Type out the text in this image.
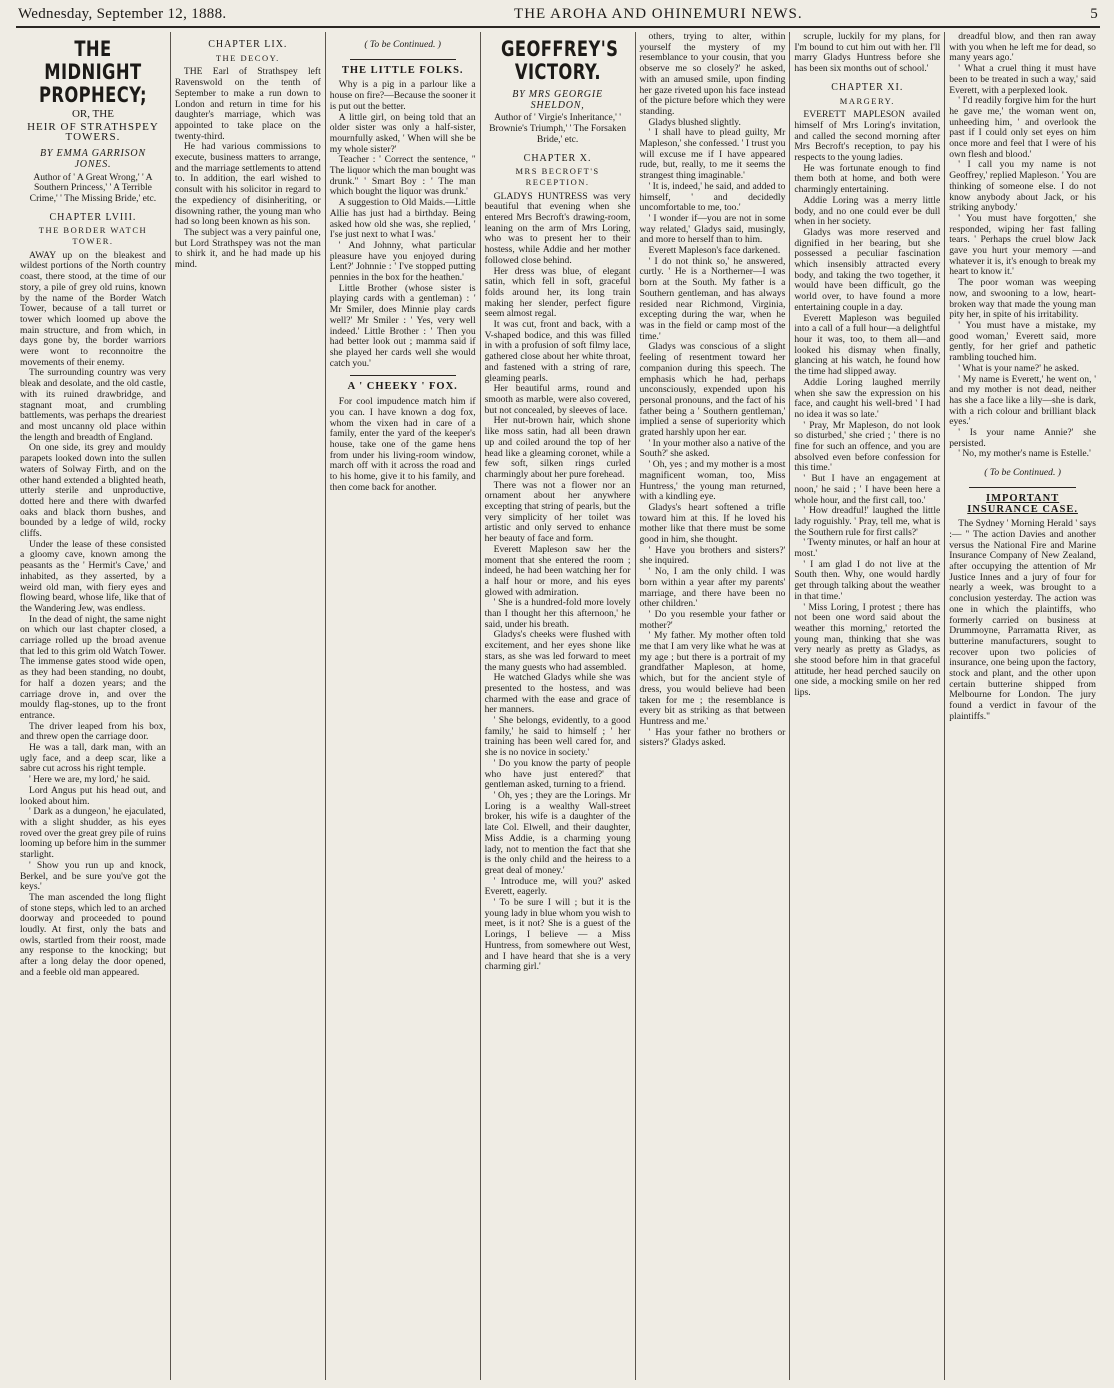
Wednesday, September 12, 1888.	THE AROHA AND OHINEMURI NEWS.	5
THE MIDNIGHT PROPHECY;
OR, THE
HEIR OF STRATHSPEY TOWERS.
BY EMMA GARRISON JONES.
Author of ' A Great Wrong,' ' A Southern Princess,' ' A Terrible Crime,' ' The Missing Bride,' etc.
CHAPTER LVIII.
THE BORDER WATCH TOWER.

AWAY up on the bleakest and wildest portions of the North country coast, there stood, at the time of our story, a pile of grey old ruins, known by the name of the Border Watch Tower, because of a tall turret or tower which loomed up above the main structure, and from which, in days gone by, the border warriors were wont to reconnoitre the movements of their enemy.

The surrounding country was very bleak and desolate, and the old castle, with its ruined drawbridge, and stagnant moat, and crumbling battlements, was perhaps the dreariest and most uncanny old place within the length and breadth of England.

On one side, its grey and mouldy parapets looked down into the sullen waters of Solway Firth, and on the other hand extended a blighted heath, utterly sterile and unproductive, dotted here and there with dwarfed oaks and black thorn bushes, and bounded by a ledge of wild, rocky cliffs.

Under the lease of these consisted a gloomy cave, known among the peasants as the ' Hermit's Cave,' and inhabited, as they asserted, by a weird old man, with fiery eyes and flowing beard, whose life, like that of the Wandering Jew, was endless.

In the dead of night, the same night on which our last chapter closed, a carriage rolled up the broad avenue that led to this grim old Watch Tower. The immense gates stood wide open, as they had been standing, no doubt, for half a dozen years; and the carriage drove in, and over the mouldy flag-stones, up to the front entrance.

The driver leaped from his box, and threw open the carriage door.

He was a tall, dark man, with an ugly face, and a deep scar, like a sabre cut across his right temple.

' Here we are, my lord,' he said.

Lord Angus put his head out, and looked about him.

' Dark as a dungeon,' he ejaculated, with a slight shudder, as his eyes roved over the great grey pile of ruins looming up before him in the summer starlight.

' Show you run up and knock, Berkel, and be sure you've got the keys.'

The man ascended the long flight of stone steps, which led to an arched doorway and proceeded to pound loudly. At first, only the bats and owls, startled from their roost, made any response to the knocking; but after a long delay the door opened, and a feeble old man appeared.

CHAPTER LIX.
THE DECOY.

THE Earl of Strathspey left Ravenswold on the tenth of September to make a run down to London and return in time for his daughter's marriage, which was appointed to take place on the twenty-third.

He had various commissions to execute, business matters to arrange, and the marriage settlements to attend to. In addition, the earl wished to consult with his solicitor in regard to the expediency of disinheriting, or disowning rather, the young man who had so long been known as his son.

The subject was a very painful one, but Lord Strathspey was not the man to shirk it, and he had made up his mind.

( To be Continued. )
THE LITTLE FOLKS.

Why is a pig in a parlour like a house on fire?—Because the sooner it is put out the better.

A little girl, on being told that an older sister was only a half-sister, mournfully asked, ' When will she be my whole sister?'

Teacher : ' Correct the sentence, " The liquor which the man bought was drunk." ' Smart Boy : ' The man which bought the liquor was drunk.'

A suggestion to Old Maids.—Little Allie has just had a birthday. Being asked how old she was, she replied, ' I'se just next to what I was.'

' And Johnny, what particular pleasure have you enjoyed during Lent?' Johnnie : ' I've stopped putting pennies in the box for the heathen.'

Little Brother (whose sister is playing cards with a gentleman) : ' Mr Smiler, does Minnie play cards well?' Mr Smiler : ' Yes, very well indeed.' Little Brother : ' Then you had better look out ; mamma said if she played her cards well she would catch you.'

A ' CHEEKY ' FOX.

For cool impudence match him if you can. I have known a dog fox, whom the vixen had in care of a family, enter the yard of the keeper's house, take one of the game hens from under his living-room window, march off with it across the road and to his home, give it to his family, and then come back for another.

GEOFFREY'S VICTORY.
BY MRS GEORGIE SHELDON,
Author of ' Virgie's Inheritance,' ' Brownie's Triumph,' ' The Forsaken Bride,' etc.
CHAPTER X.
MRS BECROFT'S RECEPTION.

GLADYS HUNTRESS was very beautiful that evening when she entered Mrs Becroft's drawing-room, leaning on the arm of Mrs Loring, who was to present her to their hostess, while Addie and her mother followed close behind.

Her dress was blue, of elegant satin, which fell in soft, graceful folds around her, its long train making her slender, perfect figure seem almost regal.

It was cut, front and back, with a V-shaped bodice, and this was filled in with a profusion of soft filmy lace, gathered close about her white throat, and fastened with a string of rare, gleaming pearls.

Her beautiful arms, round and smooth as marble, were also covered, but not concealed, by sleeves of lace.

Her nut-brown hair, which shone like moss satin, had all been drawn up and coiled around the top of her head like a gleaming coronet, while a few soft, silken rings curled charmingly about her pure forehead.

There was not a flower nor an ornament about her anywhere excepting that string of pearls, but the very simplicity of her toilet was artistic and only served to enhance her beauty of face and form.

Everett Mapleson saw her the moment that she entered the room ; indeed, he had been watching her for a half hour or more, and his eyes glowed with admiration.

' She is a hundred-fold more lovely than I thought her this afternoon,' he said, under his breath.

Gladys's cheeks were flushed with excitement, and her eyes shone like stars, as she was led forward to meet the many guests who had assembled.

He watched Gladys while she was presented to the hostess, and was charmed with the ease and grace of her manners.

' She belongs, evidently, to a good family,' he said to himself ; ' her training has been well cared for, and she is no novice in society.'

' Do you know the party of people who have just entered?' that gentleman asked, turning to a friend.

' Oh, yes ; they are the Lorings. Mr Loring is a wealthy Wall-street broker, his wife is a daughter of the late Col. Elwell, and their daughter, Miss Addie, is a charming young lady, not to mention the fact that she is the only child and the heiress to a great deal of money.'

' Introduce me, will you?' asked Everett, eagerly.

' To be sure I will ; but it is the young lady in blue whom you wish to meet, is it not? She is a guest of the Lorings, I believe — a Miss Huntress, from somewhere out West, and I have heard that she is a very charming girl.'

others, trying to alter, within yourself the mystery of my resemblance to your cousin, that you observe me so closely?' he asked, with an amused smile, upon finding her gaze riveted upon his face instead of the picture before which they were standing.

Gladys blushed slightly.

' I shall have to plead guilty, Mr Mapleson,' she confessed. ' I trust you will excuse me if I have appeared rude, but, really, to me it seems the strangest thing imaginable.'

' It is, indeed,' he said, and added to himself, ' and decidedly uncomfortable to me, too.'

' I wonder if—you are not in some way related,' Gladys said, musingly, and more to herself than to him.

Everett Mapleson's face darkened.

' I do not think so,' he answered, curtly. ' He is a Northerner—I was born at the South. My father is a Southern gentleman, and has always resided near Richmond, Virginia, excepting during the war, when he was in the field or camp most of the time.'

Gladys was conscious of a slight feeling of resentment toward her companion during this speech. The emphasis which he had, perhaps unconsciously, expended upon his personal pronouns, and the fact of his father being a ' Southern gentleman,' implied a sense of superiority which grated harshly upon her ear.

' In your mother also a native of the South?' she asked.

' Oh, yes ; and my mother is a most magnificent woman, too, Miss Huntress,' the young man returned, with a kindling eye.

Gladys's heart softened a trifle toward him at this. If he loved his mother like that there must be some good in him, she thought.

' Have you brothers and sisters?' she inquired.

' No, I am the only child. I was born within a year after my parents' marriage, and there have been no other children.'

' Do you resemble your father or mother?'

' My father. My mother often told me that I am very like what he was at my age ; but there is a portrait of my grandfather Mapleson, at home, which, but for the ancient style of dress, you would believe had been taken for me ; the resemblance is every bit as striking as that between Huntress and me.'

' Has your father no brothers or sisters?' Gladys asked.

scruple, luckily for my plans, for I'm bound to cut him out with her. I'll marry Gladys Huntress before she has been six months out of school.'

CHAPTER XI.
MARGERY.

EVERETT MAPLESON availed himself of Mrs Loring's invitation, and called the second morning after Mrs Becroft's reception, to pay his respects to the young ladies.

He was fortunate enough to find them both at home, and both were charmingly entertaining.

Addie Loring was a merry little body, and no one could ever be dull when in her society.

Gladys was more reserved and dignified in her bearing, but she possessed a peculiar fascination which insensibly attracted every body, and taking the two together, it would have been difficult, go the world over, to have found a more entertaining couple in a day.

Everett Mapleson was beguiled into a call of a full hour—a delightful hour it was, too, to them all—and looked his dismay when finally, glancing at his watch, he found how the time had slipped away.

Addie Loring laughed merrily when she saw the expression on his face, and caught his well-bred ' I had no idea it was so late.'

' Pray, Mr Mapleson, do not look so disturbed,' she cried ; ' there is no fine for such an offence, and you are absolved even before confession for this time.'

' But I have an engagement at noon,' he said ; ' I have been here a whole hour, and the first call, too.'

' How dreadful!' laughed the little lady roguishly. ' Pray, tell me, what is the Southern rule for first calls?'

' Twenty minutes, or half an hour at most.'

' I am glad I do not live at the South then. Why, one would hardly get through talking about the weather in that time.'

' Miss Loring, I protest ; there has not been one word said about the weather this morning,' retorted the young man, thinking that she was very nearly as pretty as Gladys, as she stood before him in that graceful attitude, her head perched saucily on one side, a mocking smile on her red lips.

dreadful blow, and then ran away with you when he left me for dead, so many years ago.'

' What a cruel thing it must have been to be treated in such a way,' said Everett, with a perplexed look.

' I'd readily forgive him for the hurt he gave me,' the woman went on, unheeding him, ' and overlook the past if I could only set eyes on him once more and feel that I were of his own flesh and blood.'

' I call you my name is not Geoffrey,' replied Mapleson. ' You are thinking of someone else. I do not know anybody about Jack, or his striking anybody.'

' You must have forgotten,' she responded, wiping her fast falling tears. ' Perhaps the cruel blow Jack gave you hurt your memory —and whatever it is, it's enough to break my heart to know it.'

The poor woman was weeping now, and swooning to a low, heart-broken way that made the young man pity her, in spite of his irritability.

' You must have a mistake, my good woman,' Everett said, more gently, for her grief and pathetic rambling touched him.

' What is your name?' he asked.

' My name is Everett,' he went on, ' and my mother is not dead, neither has she a face like a lily—she is dark, with a rich colour and brilliant black eyes.'

' Is your name Annie?' she persisted.

' No, my mother's name is Estelle.'

( To be Continued. )
IMPORTANT INSURANCE CASE.

The Sydney ' Morning Herald ' says :— " The action Davies and another versus the National Fire and Marine Insurance Company of New Zealand, after occupying the attention of Mr Justice Innes and a jury of four for nearly a week, was brought to a conclusion yesterday. The action was one in which the plaintiffs, who formerly carried on business at Drummoyne, Parramatta River, as butterine manufacturers, sought to recover upon two policies of insurance, one being upon the factory, stock and plant, and the other upon certain butterine shipped from Melbourne for London. The jury found a verdict in favour of the plaintiffs."
